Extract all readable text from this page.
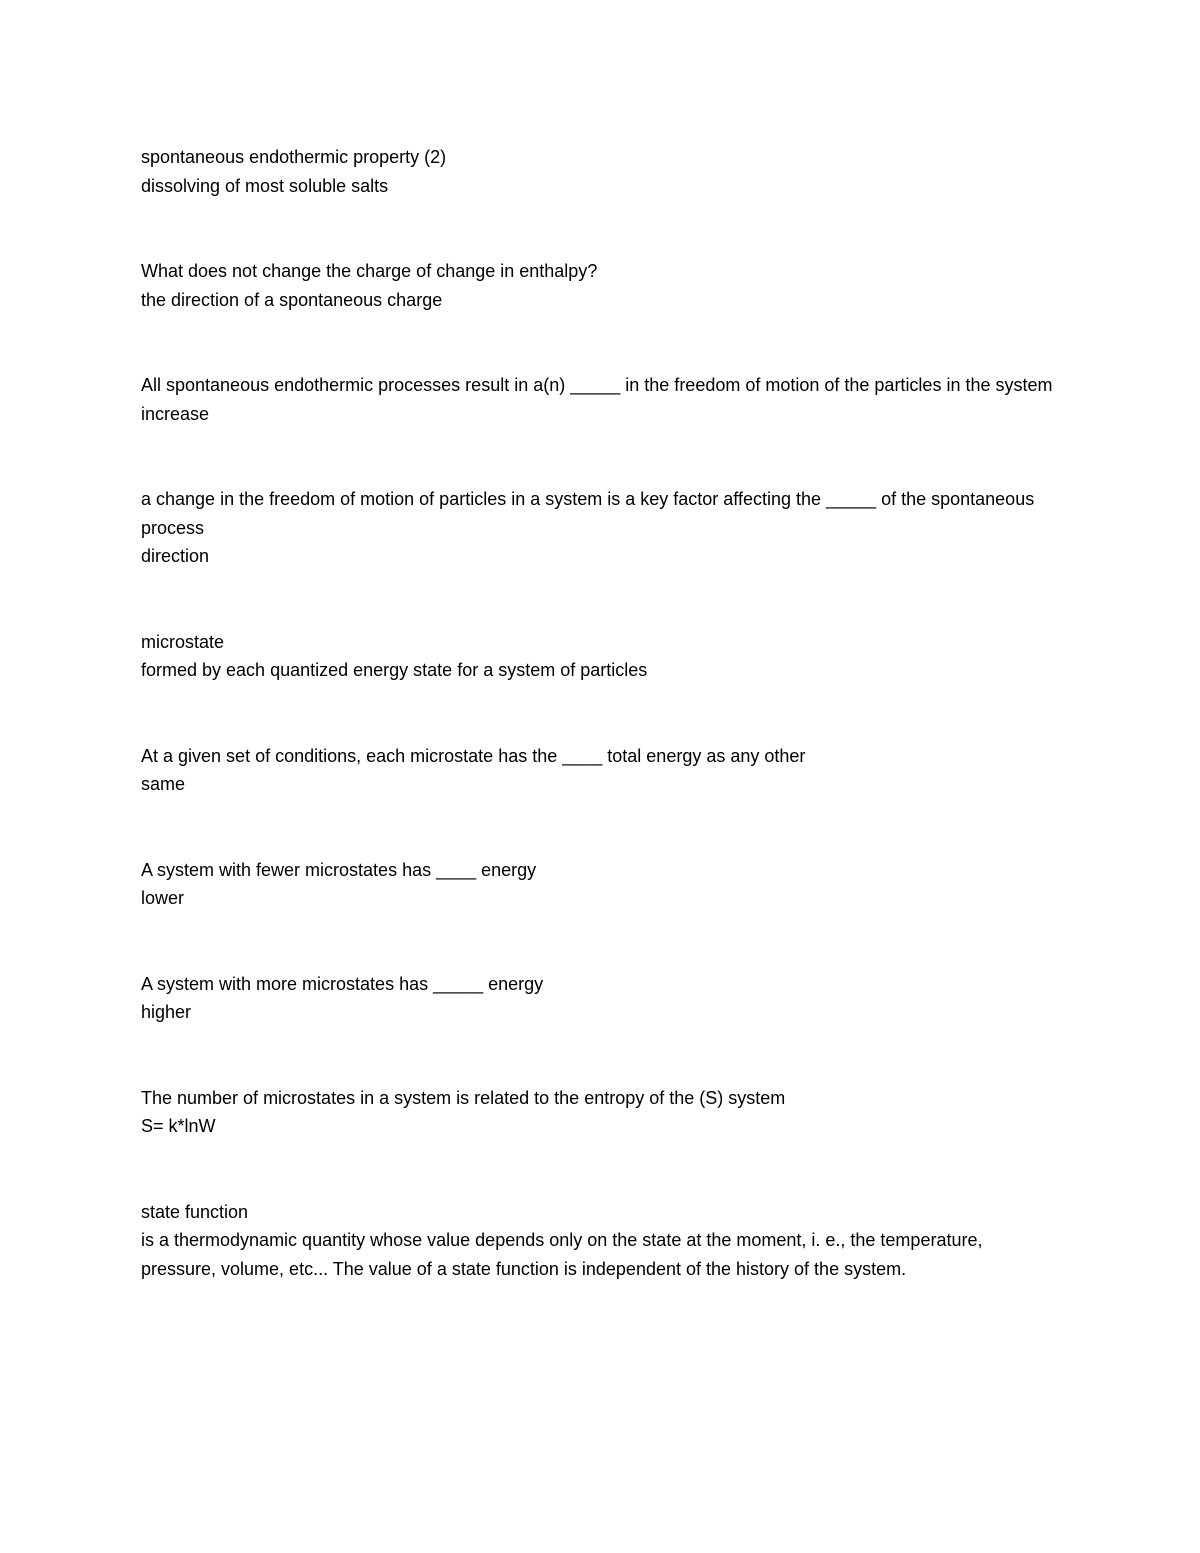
spontaneous endothermic property (2)
dissolving of most soluble salts
What does not change the charge of change in enthalpy?
the direction of a spontaneous charge
All spontaneous endothermic processes result in a(n) _____ in the freedom of motion of the particles in the system
increase
a change in the freedom of motion of particles in a system is a key factor affecting the _____ of the spontaneous process
direction
microstate
formed by each quantized energy state for a system of particles
At a given set of conditions, each microstate has the ____ total energy as any other
same
A system with fewer microstates has ____ energy
lower
A system with more microstates has _____ energy
higher
The number of microstates in a system is related to the entropy of the (S) system
S= k*lnW
state function
is a thermodynamic quantity whose value depends only on the state at the moment, i. e., the temperature, pressure, volume, etc... The value of a state function is independent of the history of the system.
